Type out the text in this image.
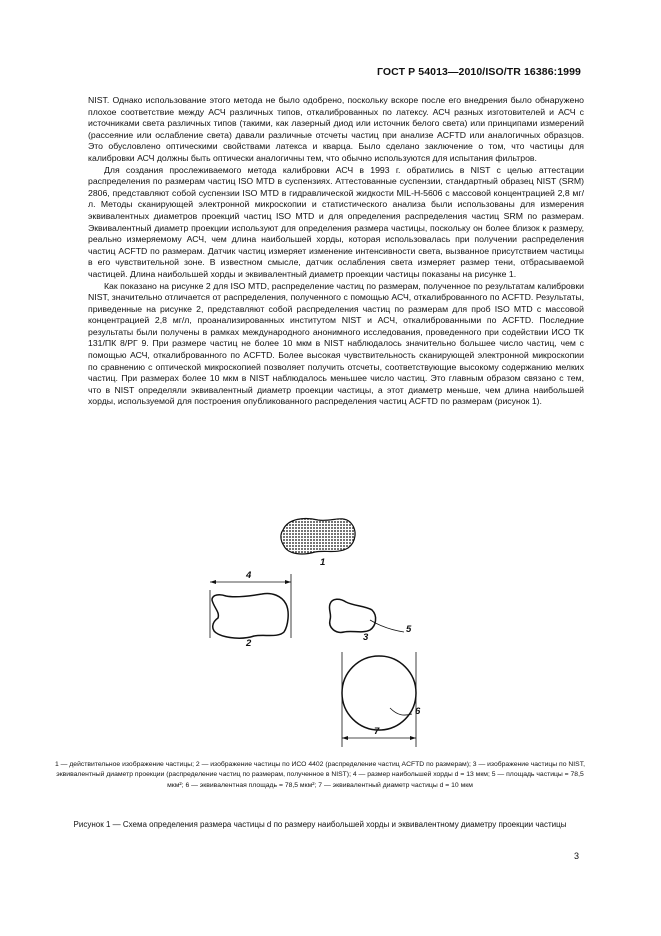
ГОСТ Р 54013—2010/ISO/TR 16386:1999

NIST. Однако использование этого метода не было одобрено, поскольку вскоре после его внедрения было обнаружено плохое соответствие между АСЧ различных типов, откалиброванных по латексу. АСЧ разных изготовителей и АСЧ с источниками света различных типов (такими, как лазерный диод или источник белого света) или принципами измерений (рассеяние или ослабление света) давали различные отсчеты частиц при анализе ACFTD или аналогичных образцов. Это обусловлено оптическими свойствами латекса и кварца. Было сделано заключение о том, что частицы для калибровки АСЧ должны быть оптически аналогичны тем, что обычно используются для испытания фильтров.

Для создания прослеживаемого метода калибровки АСЧ в 1993 г. обратились в NIST с целью аттестации распределения по размерам частиц ISO MTD в суспензиях. Аттестованные суспензии, стандартный образец NIST (SRM) 2806, представляют собой суспензии ISO MTD в гидравлической жидкости MIL-H-5606 с массовой концентрацией 2,8 мг/л. Методы сканирующей электронной микроскопии и статистического анализа были использованы для измерения эквивалентных диаметров проекций частиц ISO MTD и для определения распределения частиц SRM по размерам. Эквивалентный диаметр проекции используют для определения размера частицы, поскольку он более близок к размеру, реально измеряемому АСЧ, чем длина наибольшей хорды, которая использовалась при получении распределения частиц ACFTD по размерам. Датчик частиц измеряет изменение интенсивности света, вызванное присутствием частицы в его чувствительной зоне. В известном смысле, датчик ослабления света измеряет размер тени, отбрасываемой частицей. Длина наибольшей хорды и эквивалентный диаметр проекции частицы показаны на рисунке 1.

Как показано на рисунке 2 для ISO MTD, распределение частиц по размерам, полученное по результатам калибровки NIST, значительно отличается от распределения, полученного с помощью АСЧ, откалиброванного по ACFTD. Результаты, приведенные на рисунке 2, представляют собой распределения частиц по размерам для проб ISO MTD с массовой концентрацией 2,8 мг/л, проанализированных институтом NIST и АСЧ, откалиброванными по ACFTD. Последние результаты были получены в рамках международного анонимного исследования, проведенного при содействии ИСО ТК 131/ПК 8/РГ 9. При размере частиц не более 10 мкм в NIST наблюдалось значительно большее число частиц, чем с помощью АСЧ, откалиброванного по ACFTD. Более высокая чувствительность сканирующей электронной микроскопии по сравнению с оптической микроскопией позволяет получить отсчеты, соответствующие высокому содержанию мелких частиц. При размерах более 10 мкм в NIST наблюдалось меньшее число частиц. Это главным образом связано с тем, что в NIST определяли эквивалентный диаметр проекции частицы, а этот диаметр меньше, чем длина наибольшей хорды, используемой для построения опубликованного распределения частиц ACFTD по размерам (рисунок 1).

1
2
3
4
5
6
7
1 — действительное изображение частицы; 2 — изображение частицы по ИСО 4402 (распределение частиц ACFTD по размерам); 3 — изображение частицы по NIST, эквивалентный диаметр проекции (распределение частиц по размерам, полученное в NIST); 4 — размер наибольшей хорды d = 13 мкм; 5 — площадь частицы = 78,5 мкм²; 6 — эквивалентная площадь = 78,5 мкм²; 7 — эквивалентный диаметр частицы d = 10 мкм
Рисунок 1 — Схема определения размера частицы d по размеру наибольшей хорды и эквивалентному диаметру проекции частицы
3
